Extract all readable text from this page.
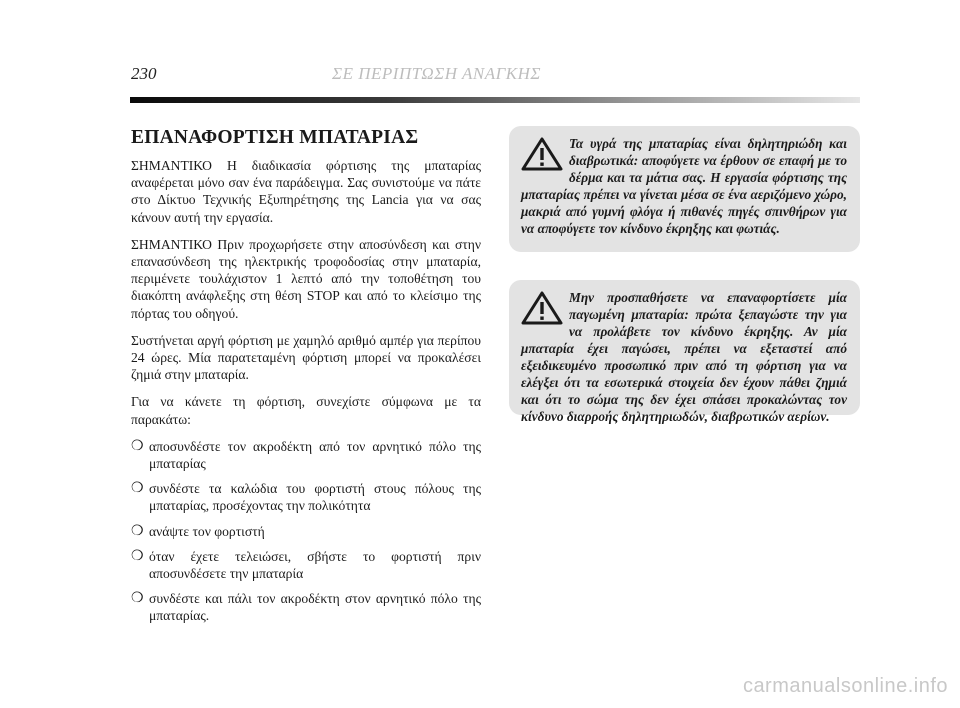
230	ΣΕ ΠΕΡΙΠΤΩΣΗ ΑΝΑΓΚΗΣ
ΕΠΑΝΑΦΟΡΤΙΣΗ ΜΠΑΤΑΡΙΑΣ

ΣΗΜΑΝΤΙΚΟ Η διαδικασία φόρτισης της μπαταρίας αναφέρεται μόνο σαν ένα παράδειγμα. Σας συνιστούμε να πάτε στο Δίκτυο Τεχνικής Εξυπηρέτησης της Lancia για να σας κάνουν αυτή την εργασία.

ΣΗΜΑΝΤΙΚΟ Πριν προχωρήσετε στην αποσύνδεση και στην επανασύνδεση της ηλεκτρικής τροφοδοσίας στην μπαταρία, περιμένετε τουλάχιστον 1 λεπτό από την τοποθέτηση του διακόπτη ανάφλεξης στη θέση STOP και από το κλείσιμο της πόρτας του οδηγού.

Συστήνεται αργή φόρτιση με χαμηλό αριθμό αμπέρ για περίπου 24 ώρες. Μία παρατεταμένη φόρτιση μπορεί να προκαλέσει ζημιά στην μπαταρία.

Για να κάνετε τη φόρτιση, συνεχίστε σύμφωνα με τα παρακάτω:

❍ αποσυνδέστε τον ακροδέκτη από τον αρνητικό πόλο της μπαταρίας
❍ συνδέστε τα καλώδια του φορτιστή στους πόλους της μπαταρίας, προσέχοντας την πολικότητα
❍ ανάψτε τον φορτιστή
❍ όταν έχετε τελειώσει, σβήστε το φορτιστή πριν αποσυνδέσετε την μπαταρία
❍ συνδέστε και πάλι τον ακροδέκτη στον αρνητικό πόλο της μπαταρίας.
Τα υγρά της μπαταρίας είναι δηλητηριώδη και διαβρωτικά: αποφύγετε να έρθουν σε επαφή με το δέρμα και τα μάτια σας. Η εργασία φόρτισης της μπαταρίας πρέπει να γίνεται μέσα σε ένα αεριζόμενο χώρο, μακριά από γυμνή φλόγα ή πιθανές πηγές σπινθήρων για να αποφύγετε τον κίνδυνο έκρηξης και φωτιάς.
Μην προσπαθήσετε να επαναφορτίσετε μία παγωμένη μπαταρία: πρώτα ξεπαγώστε την για να προλάβετε τον κίνδυνο έκρηξης. Αν μία μπαταρία έχει παγώσει, πρέπει να εξεταστεί από εξειδικευμένο προσωπικό πριν από τη φόρτιση για να ελέγξει ότι τα εσωτερικά στοιχεία δεν έχουν πάθει ζημιά και ότι το σώμα της δεν έχει σπάσει προκαλώντας τον κίνδυνο διαρροής δηλητηριωδών, διαβρωτικών αερίων.
carmanualsonline.info
